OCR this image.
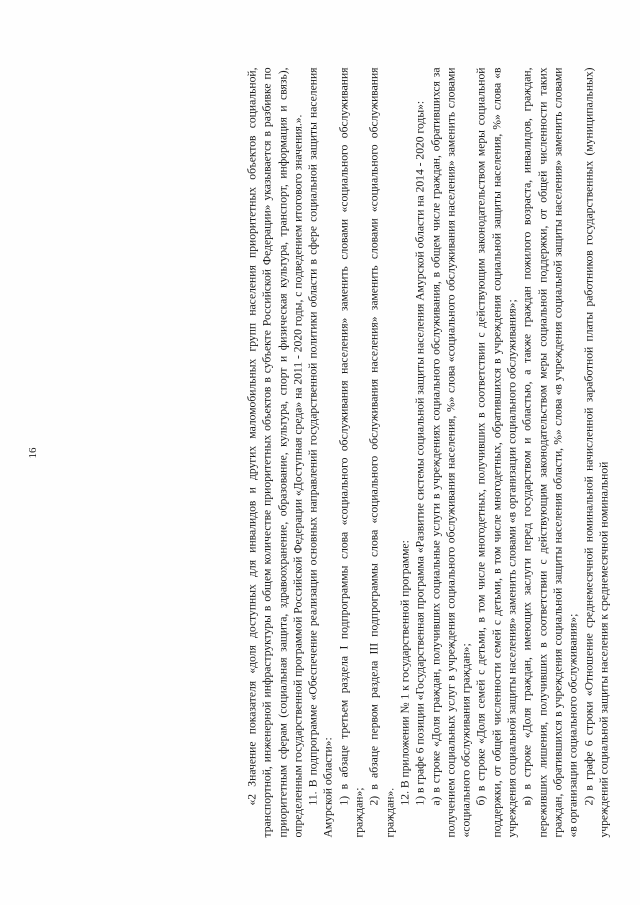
16	«2 Значение показателя «доля доступных для инвалидов и других маломобильных групп населения приоритетных объектов социальной, транспортной, инженерной инфраструктуры в общем количестве приоритетных объектов в субъекте Российской Федерации» указывается в разбивке по приоритетным сферам (социальная защита, здравоохранение, образование, культура, спорт и физическая культура, транспорт, информация и связь), определенным государственной программой Российской Федерации «Доступная среда» на 2011 - 2020 годы, с подведением итогового значения.». 11. В подпрограмме «Обеспечение реализации основных направлений государственной политики области в сфере социальной защиты населения Амурской области»: 1) в абзаце третьем раздела I подпрограммы слова «социального обслуживания населения» заменить словами «социального обслуживания граждан»;

2) в абзаце первом раздела III подпрограммы слова «социального обслуживания населения» заменить словами «социального обслуживания граждан».

12. В приложении № 1 к государственной программе: 1) в графе 6 позиции «Государственная программа «Развитие системы социальной защиты населения Амурской области на 2014 - 2020 годы»: а) в строке «Доля граждан, получивших социальные услуги в учреждениях социального обслуживания, в общем числе граждан, обратившихся за получением социальных услуг в учреждения социального обслуживания населения, %» слова «социального обслуживания населения» заменить словами «социального обслуживания граждан»; б) в строке «Доля семей с детьми, в том числе многодетных, получивших в соответствии с действующим законодательством меры социальной поддержки, от общей численности семей с детьми, в том числе многодетных, обратившихся в учреждения социальной защиты населения, %» слова «в учреждения социальной защиты населения» заменить словами «в организации социального обслуживания»; в) в строке «Доля граждан, имеющих заслуги перед государством и областью, а также граждан пожилого возраста, инвалидов, граждан, переживших лишения, получивших в соответствии с действующим законодательством меры социальной поддержки, от общей численности таких граждан, обратившихся в учреждения социальной защиты населения области, %» слова «в учреждения социальной защиты населения» заменить словами «в организации социального обслуживания»; 2) в графе 6 строки «Отношение среднемесячной номинальной начисленной заработной платы работников государственных (муниципальных) учреждений социальной защиты населения к среднемесячной номинальной
